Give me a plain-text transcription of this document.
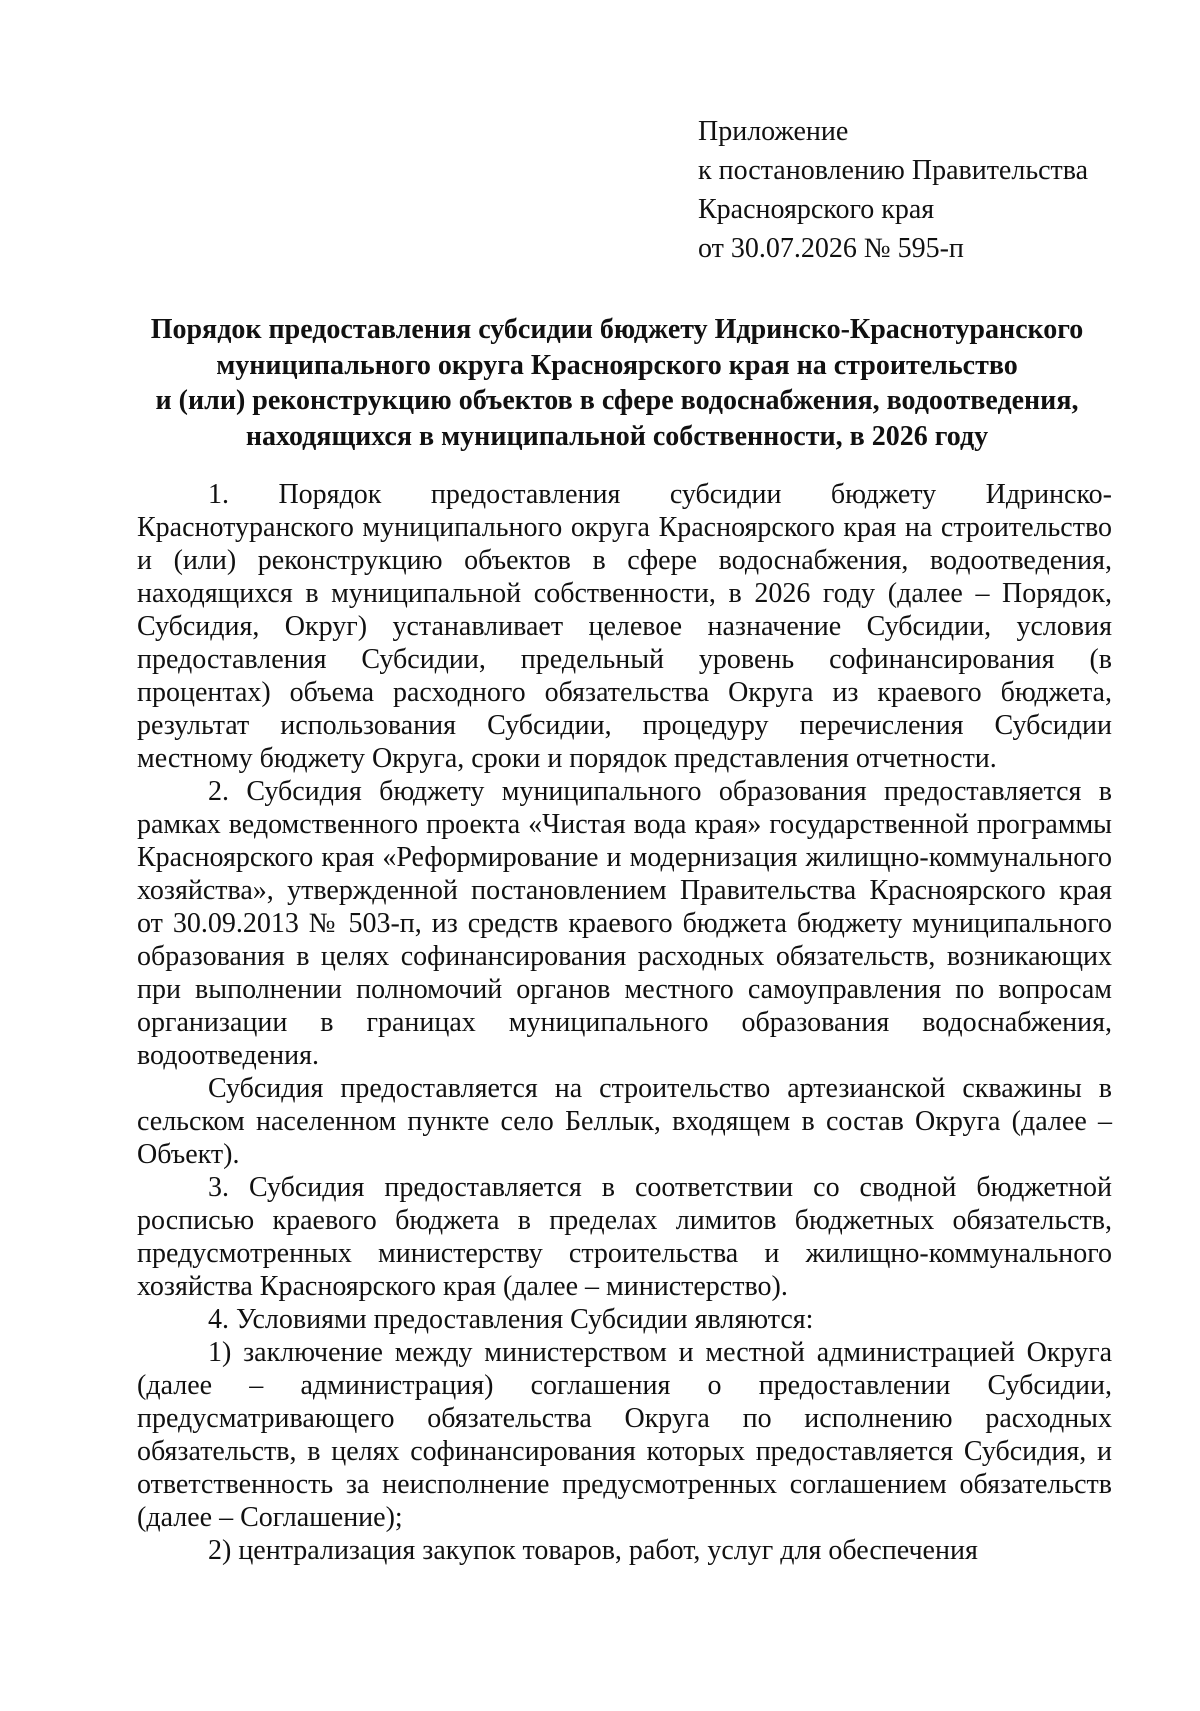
Приложение
к постановлению Правительства
Красноярского края
от 30.07.2026 № 595-п
Порядок предоставления субсидии бюджету Идринско-Краснотуранского
муниципального округа Красноярского края на строительство
и (или) реконструкцию объектов в сфере водоснабжения, водоотведения,
находящихся в муниципальной собственности, в 2026 году

1. Порядок предоставления субсидии бюджету Идринско-Краснотуранского муниципального округа Красноярского края на строительство и (или) реконструкцию объектов в сфере водоснабжения, водоотведения, находящихся в муниципальной собственности, в 2026 году (далее – Порядок, Субсидия, Округ) устанавливает целевое назначение Субсидии, условия предоставления Субсидии, предельный уровень софинансирования (в процентах) объема расходного обязательства Округа из краевого бюджета, результат использования Субсидии, процедуру перечисления Субсидии местному бюджету Округа, сроки и порядок представления отчетности.

2. Субсидия бюджету муниципального образования предоставляется в рамках ведомственного проекта «Чистая вода края» государственной программы Красноярского края «Реформирование и модернизация жилищно-коммунального хозяйства», утвержденной постановлением Правительства Красноярского края от 30.09.2013 № 503-п, из средств краевого бюджета бюджету муниципального образования в целях софинансирования расходных обязательств, возникающих при выполнении полномочий органов местного самоуправления по вопросам организации в границах муниципального образования водоснабжения, водоотведения.

Субсидия предоставляется на строительство артезианской скважины в сельском населенном пункте село Беллык, входящем в состав Округа (далее – Объект).

3. Субсидия предоставляется в соответствии со сводной бюджетной росписью краевого бюджета в пределах лимитов бюджетных обязательств, предусмотренных министерству строительства и жилищно-коммунального хозяйства Красноярского края (далее – министерство).

4. Условиями предоставления Субсидии являются:

1) заключение между министерством и местной администрацией Округа (далее – администрация) соглашения о предоставлении Субсидии, предусматривающего обязательства Округа по исполнению расходных обязательств, в целях софинансирования которых предоставляется Субсидия, и ответственность за неисполнение предусмотренных соглашением обязательств (далее – Соглашение);

2) централизация закупок товаров, работ, услуг для обеспечения
